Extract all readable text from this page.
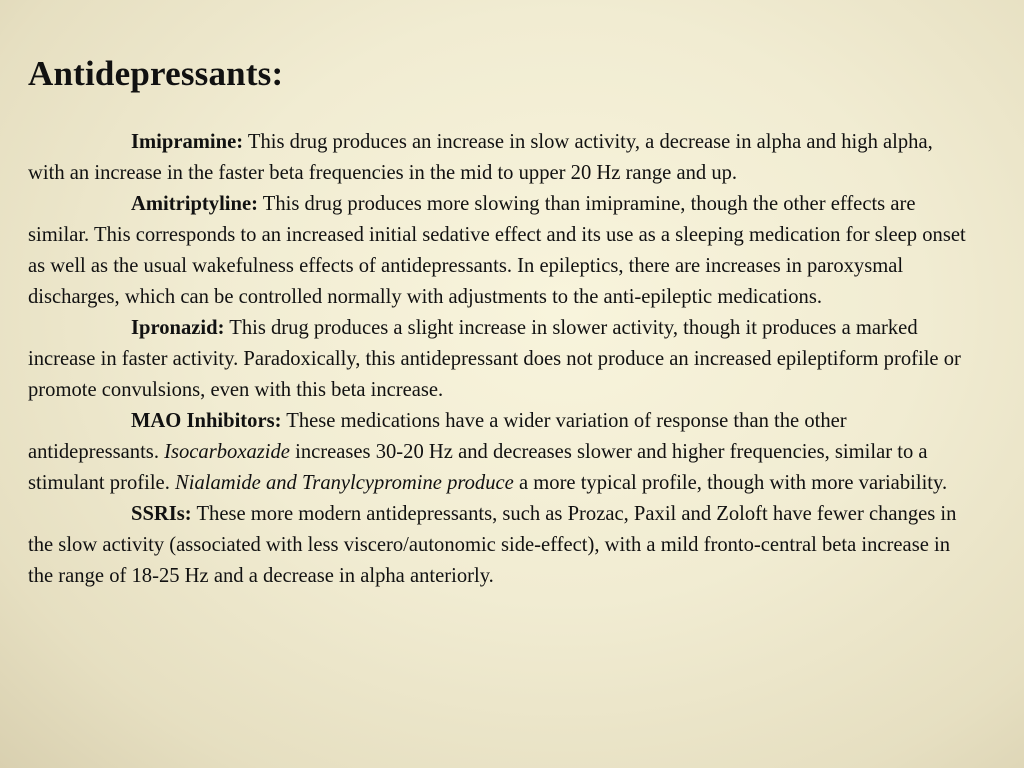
Antidepressants:

Imipramine: This drug produces an increase in slow activity, a decrease in alpha and high alpha, with an increase in the faster beta frequencies in the mid to upper 20 Hz range and up.

Amitriptyline: This drug produces more slowing than imipramine, though the other effects are similar. This corresponds to an increased initial sedative effect and its use as a sleeping medication for sleep onset as well as the usual wakefulness effects of antidepressants. In epileptics, there are increases in paroxysmal discharges, which can be controlled normally with adjustments to the anti-epileptic medications.

Ipronazid: This drug produces a slight increase in slower activity, though it produces a marked increase in faster activity. Paradoxically, this antidepressant does not produce an increased epileptiform profile or promote convulsions, even with this beta increase.

MAO Inhibitors: These medications have a wider variation of response than the other antidepressants. Isocarboxazide increases 30-20 Hz and decreases slower and higher frequencies, similar to a stimulant profile. Nialamide and Tranylcypromine produce a more typical profile, though with more variability.

SSRIs: These more modern antidepressants, such as Prozac, Paxil and Zoloft have fewer changes in the slow activity (associated with less viscero/autonomic side-effect), with a mild fronto-central beta increase in the range of 18-25 Hz and a decrease in alpha anteriorly.
